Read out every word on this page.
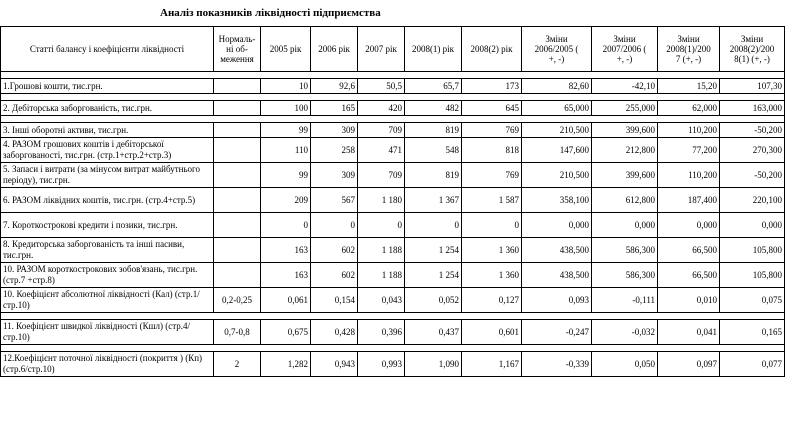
Аналіз показників ліквідності підприємства
Статті балансу і коефіцієнти ліквідності	Нормаль-
ні об-
меження	2005 рік	2006 рік	2007 рік	2008(1) рік	2008(2) рік	Зміни
2006/2005 (
+, -)	Зміни
2007/2006 (
+, -)	Зміни
2008(1)/200
7 (+, -)	Зміни
2008(2)/200
8(1) (+, -)

1.Грошові кошти, тис.грн.		10	92,6	50,5	65,7	173	82,60	-42,10	15,20	107,30

2. Дебіторська заборгованість, тис.грн.		100	165	420	482	645	65,000	255,000	62,000	163,000

3. Інші оборотні активи, тис.грн.		99	309	709	819	769	210,500	399,600	110,200	-50,200
4. РАЗОМ грошових коштів і дебіторської заборгованості, тис.грн. (стр.1+стр.2+стр.3)		110	258	471	548	818	147,600	212,800	77,200	270,300
5. Запаси і витрати (за мінусом витрат майбутнього періоду), тис.грн.		99	309	709	819	769	210,500	399,600	110,200	-50,200
6. РАЗОМ ліквідних коштів, тис.грн. (стр.4+стр.5)		209	567	1 180	1 367	1 587	358,100	612,800	187,400	220,100
7. Короткострокові кредити і позики, тис.грн.		0	0	0	0	0	0,000	0,000	0,000	0,000
8. Кредиторська заборгованість та інші пасиви, тис.грн.		163	602	1 188	1 254	1 360	438,500	586,300	66,500	105,800
10. РАЗОМ короткострокових зобов'язань, тис.грн. (стр.7 +стр.8)		163	602	1 188	1 254	1 360	438,500	586,300	66,500	105,800
10. Коефіцієнт абсолютної ліквідності (Кал) (стр.1/стр.10)	0,2-0,25	0,061	0,154	0,043	0,052	0,127	0,093	-0,111	0,010	0,075

11. Коефіцієнт швидкої ліквідності (Кшл) (стр.4/стр.10)	0,7-0,8	0,675	0,428	0,396	0,437	0,601	-0,247	-0,032	0,041	0,165

12.Коефіцієнт поточної ліквідності (покриття ) (Кп) (стр.6/стр.10)	2	1,282	0,943	0,993	1,090	1,167	-0,339	0,050	0,097	0,077
